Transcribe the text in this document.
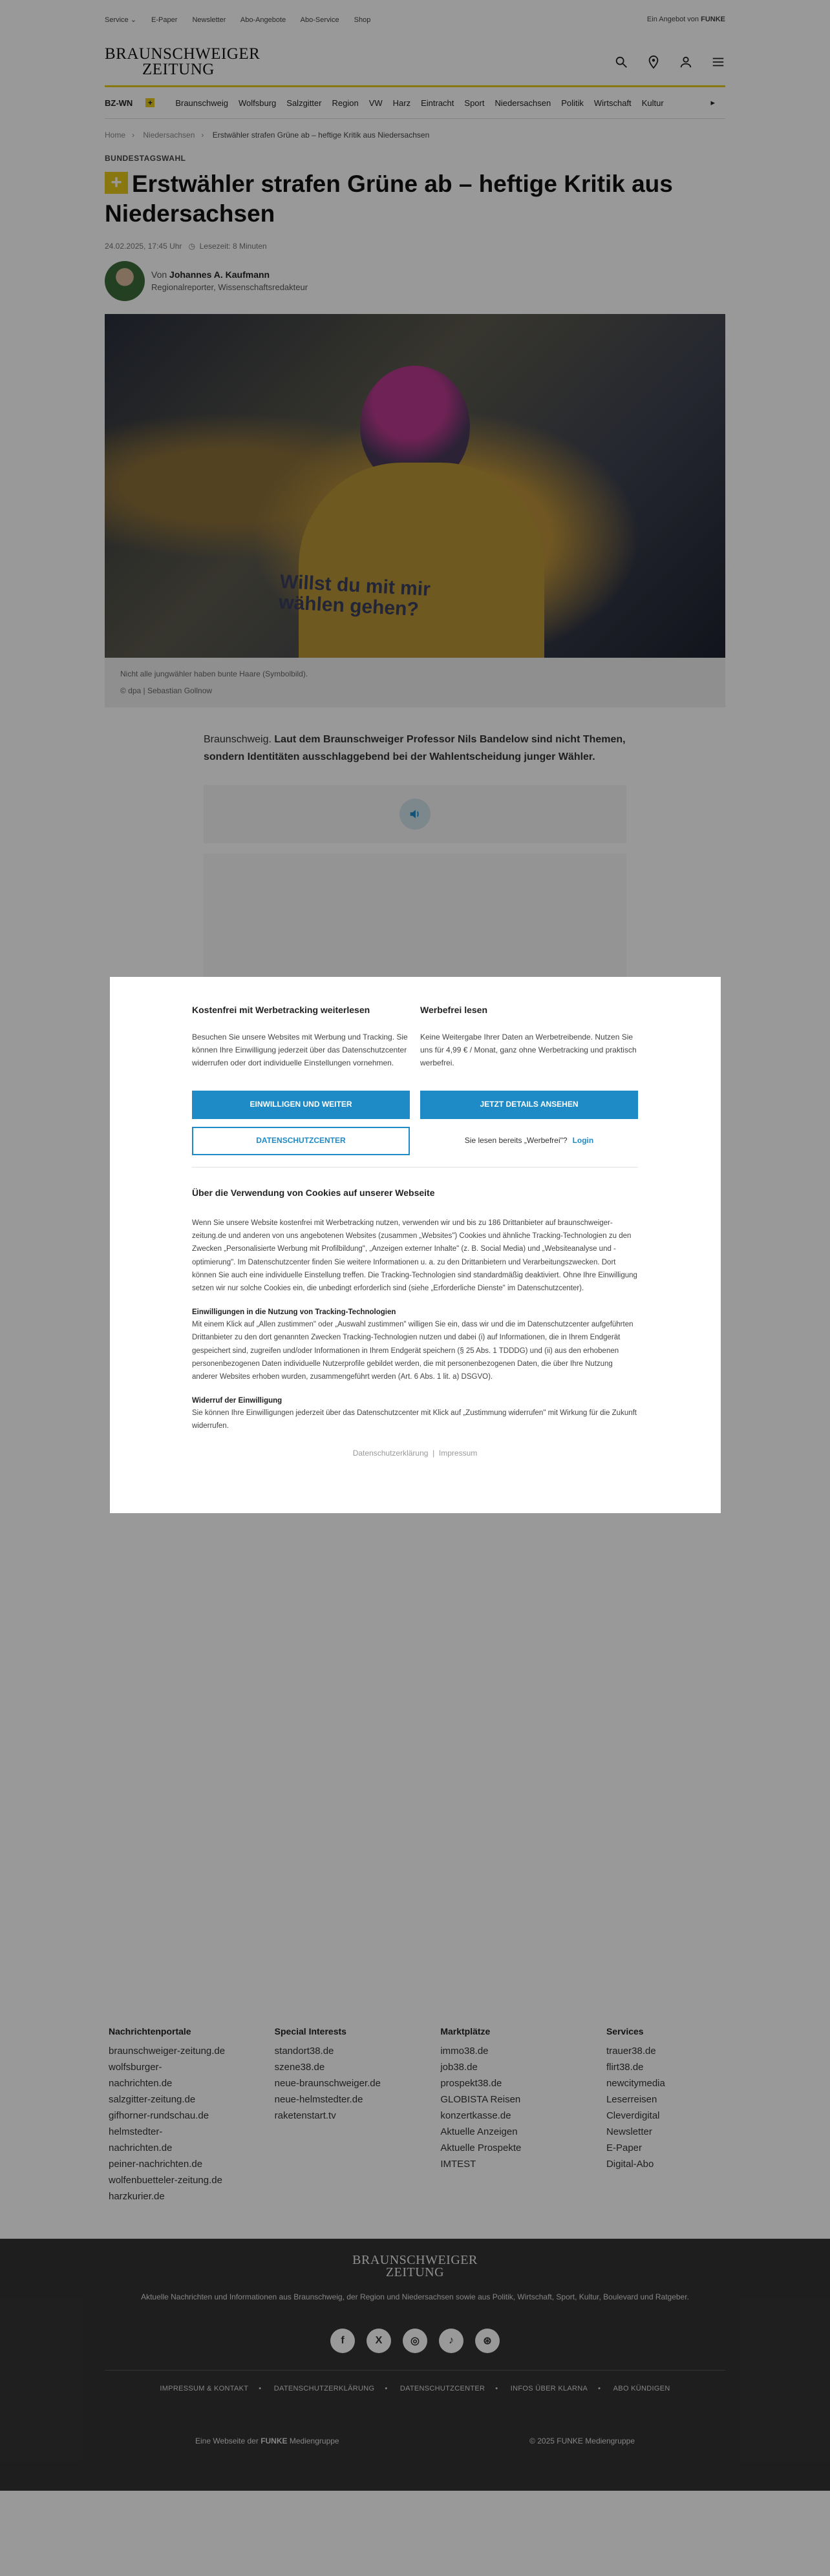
Service ⌄ E-Paper Newsletter Abo-Angebote Abo-Service Shop	Ein Angebot von FUNKE
BRAUNSCHWEIGER
ZEITUNG
BZ-WN +	Braunschweig Wolfsburg Salzgitter Region VW Harz Eintracht Sport Niedersachsen Politik Wirtschaft Kultur	▸
Home › Niedersachsen › Erstwähler strafen Grüne ab – heftige Kritik aus Niedersachsen
BUNDESTAGSWAHL
+ Erstwähler strafen Grüne ab – heftige Kritik aus Niedersachsen
24.02.2025, 17:45 Uhr ◷ Lesezeit: 8 Minuten
Von Johannes A. Kaufmann
Regionalreporter, Wissenschaftsredakteur
Willst du mit mir wählen gehen?
Nicht alle jungwähler haben bunte Haare (Symbolbild).
© dpa | Sebastian Gollnow
Braunschweig. Laut dem Braunschweiger Professor Nils Bandelow sind nicht Themen, sondern Identitäten ausschlaggebend bei der Wahlentscheidung junger Wähler.
Nachrichtenportale
braunschweiger-zeitung.de
wolfsburger-nachrichten.de
salzgitter-zeitung.de
gifhorner-rundschau.de
helmstedter-nachrichten.de
peiner-nachrichten.de
wolfenbuetteler-zeitung.de
harzkurier.de
Special Interests
standort38.de
szene38.de
neue-braunschweiger.de
neue-helmstedter.de
raketenstart.tv
Marktplätze
immo38.de
job38.de
prospekt38.de
GLOBISTA Reisen
konzertkasse.de
Aktuelle Anzeigen
Aktuelle Prospekte
IMTEST
Services
trauer38.de
flirt38.de
newcitymedia
Leserreisen
Cleverdigital
Newsletter
E-Paper
Digital-Abo
BRAUNSCHWEIGER
ZEITUNG
Aktuelle Nachrichten und Informationen aus Braunschweig, der Region und Niedersachsen sowie aus Politik, Wirtschaft, Sport, Kultur, Boulevard und Ratgeber.
f	X	◎	♪	⊛
IMPRESSUM & KONTAKT • DATENSCHUTZERKLÄRUNG • DATENSCHUTZCENTER • INFOS ÜBER KLARNA • ABO KÜNDIGEN
Eine Webseite der FUNKE Mediengruppe	© 2025 FUNKE Mediengruppe
Kostenfrei mit Werbetracking weiterlesen

Besuchen Sie unsere Websites mit Werbung und Tracking. Sie können Ihre Einwilligung jederzeit über das Datenschutzcenter widerrufen oder dort individuelle Einstellungen vornehmen.

Werbefrei lesen

Keine Weitergabe Ihrer Daten an Werbetreibende. Nutzen Sie uns für 4,99 € / Monat, ganz ohne Werbetracking und praktisch werbefrei.

EINWILLIGEN UND WEITER	JETZT DETAILS ANSEHEN
DATENSCHUTZCENTER	Sie lesen bereits „Werbefrei"? Login
Über die Verwendung von Cookies auf unserer Webseite

Wenn Sie unsere Website kostenfrei mit Werbetracking nutzen, verwenden wir und bis zu 186 Drittanbieter auf braunschweiger-zeitung.de und anderen von uns angebotenen Websites (zusammen „Websites") Cookies und ähnliche Tracking-Technologien zu den Zwecken „Personalisierte Werbung mit Profilbildung", „Anzeigen externer Inhalte" (z. B. Social Media) und „Websiteanalyse und -optimierung". Im Datenschutzcenter finden Sie weitere Informationen u. a. zu den Drittanbietern und Verarbeitungszwecken. Dort können Sie auch eine individuelle Einstellung treffen. Die Tracking-Technologien sind standardmäßig deaktiviert. Ohne Ihre Einwilligung setzen wir nur solche Cookies ein, die unbedingt erforderlich sind (siehe „Erforderliche Dienste" im Datenschutzcenter).

Einwilligungen in die Nutzung von Tracking-Technologien

Mit einem Klick auf „Allen zustimmen" oder „Auswahl zustimmen" willigen Sie ein, dass wir und die im Datenschutzcenter aufgeführten Drittanbieter zu den dort genannten Zwecken Tracking-Technologien nutzen und dabei (i) auf Informationen, die in Ihrem Endgerät gespeichert sind, zugreifen und/oder Informationen in Ihrem Endgerät speichern (§ 25 Abs. 1 TDDDG) und (ii) aus den erhobenen personenbezogenen Daten individuelle Nutzerprofile gebildet werden, die mit personenbezogenen Daten, die über Ihre Nutzung anderer Websites erhoben wurden, zusammengeführt werden (Art. 6 Abs. 1 lit. a) DSGVO).

Widerruf der Einwilligung

Sie können Ihre Einwilligungen jederzeit über das Datenschutzcenter mit Klick auf „Zustimmung widerrufen" mit Wirkung für die Zukunft widerrufen.

Datenschutzerklärung | Impressum
